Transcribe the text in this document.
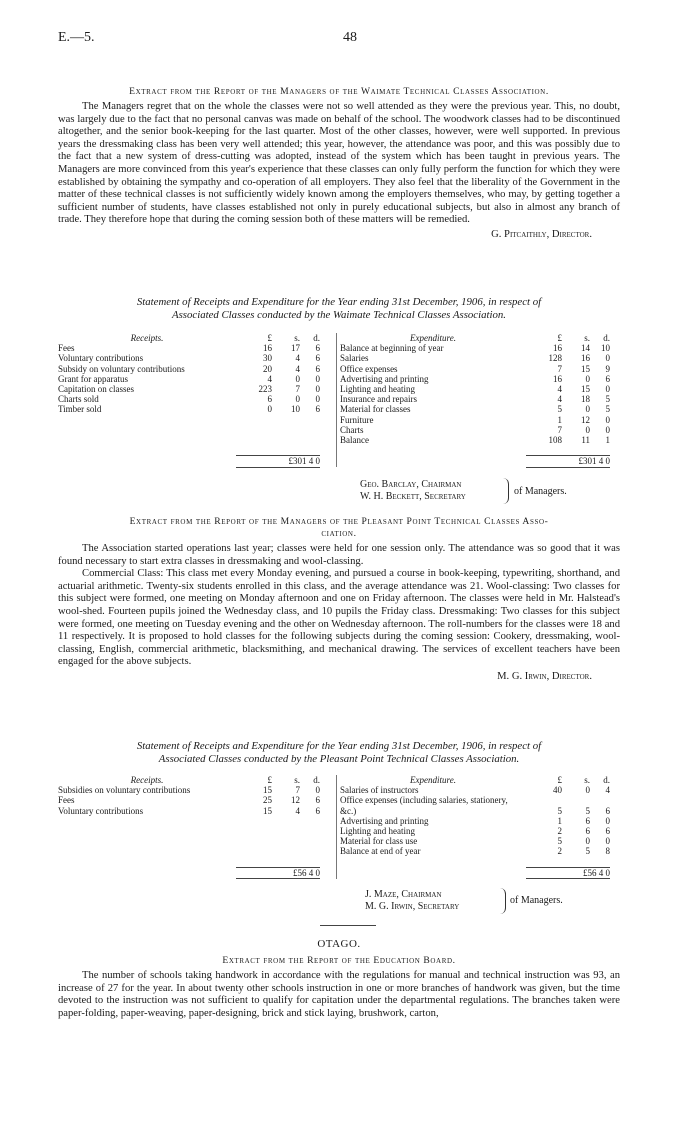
E.—5.	48
Extract from the Report of the Managers of the Waimate Technical Classes Association.

The Managers regret that on the whole the classes were not so well attended as they were the previous year. This, no doubt, was largely due to the fact that no personal canvas was made on behalf of the school. The woodwork classes had to be discontinued altogether, and the senior book-keeping for the last quarter. Most of the other classes, however, were well supported. In previous years the dressmaking class has been very well attended; this year, however, the attendance was poor, and this was possibly due to the fact that a new system of dress-cutting was adopted, instead of the system which has been taught in previous years. The Managers are more convinced from this year's experience that these classes can only fully perform the function for which they were established by obtaining the sympathy and co-operation of all employers. They also feel that the liberality of the Government in the matter of these technical classes is not sufficiently widely known among the employers themselves, who may, by getting together a sufficient number of students, have classes established not only in purely educational subjects, but also in almost any branch of trade. They therefore hope that during the coming session both of these matters will be remedied.

G. Pitcaithly, Director.
Statement of Receipts and Expenditure for the Year ending 31st December, 1906, in respect of
Associated Classes conducted by the Waimate Technical Classes Association.
Receipts.	£	s.	d.			Expenditure.	£	s.	d.	
Fees	16	17	6			Balance at beginning of year	16	14	10	
Voluntary contributions	30	4	6			Salaries	128	16	0	
Subsidy on voluntary contributions	20	4	6			Office expenses	7	15	9	
Grant for apparatus	4	0	0			Advertising and printing	16	0	6	
Capitation on classes	223	7	0			Lighting and heating	4	15	0	
Charts sold	6	0	0			Insurance and repairs	4	18	5	
Timber sold	0	10	6			Material for classes	5	0	5	
						Furniture	1	12	0	
						Charts	7	0	0	
						Balance	108	11	1	

	£301 4 0						£301 4 0			
Geo. Barclay, Chairman
W. H. Beckett, Secretary	of Managers.
Extract from the Report of the Managers of the Pleasant Point Technical Classes Asso-
ciation.

The Association started operations last year; classes were held for one session only. The attendance was so good that it was found necessary to start extra classes in dressmaking and wool-classing.

Commercial Class: This class met every Monday evening, and pursued a course in book-keeping, typewriting, shorthand, and actuarial arithmetic. Twenty-six students enrolled in this class, and the average attendance was 21. Wool-classing: Two classes for this subject were formed, one meeting on Monday afternoon and one on Friday afternoon. The classes were held in Mr. Halstead's wool-shed. Fourteen pupils joined the Wednesday class, and 10 pupils the Friday class. Dressmaking: Two classes for this subject were formed, one meeting on Tuesday evening and the other on Wednesday afternoon. The roll-numbers for the classes were 18 and 11 respectively. It is proposed to hold classes for the following subjects during the coming session: Cookery, dressmaking, wool-classing, English, commercial arithmetic, blacksmithing, and mechanical drawing. The services of excellent teachers have been engaged for the above subjects.

M. G. Irwin, Director.
Statement of Receipts and Expenditure for the Year ending 31st December, 1906, in respect of
Associated Classes conducted by the Pleasant Point Technical Classes Association.
Receipts.	£	s.	d.			Expenditure.	£	s.	d.	
Subsidies on voluntary contributions	15	7	0			Salaries of instructors	40	0	4	
Fees	25	12	6			Office expenses (including salaries, stationery,				
Voluntary contributions	15	4	6			&c.)	5	5	6	
						Advertising and printing	1	6	0	
						Lighting and heating	2	6	6	
						Material for class use	5	0	0	
						Balance at end of year	2	5	8	

	£56 4 0						£56 4 0			
J. Maze, Chairman
M. G. Irwin, Secretary
of Managers.
OTAGO.
Extract from the Report of the Education Board.

The number of schools taking handwork in accordance with the regulations for manual and technical instruction was 93, an increase of 27 for the year. In about twenty other schools instruction in one or more branches of handwork was given, but the time devoted to the instruction was not sufficient to qualify for capitation under the departmental regulations. The branches taken were paper-folding, paper-weaving, paper-designing, brick and stick laying, brushwork, carton,
